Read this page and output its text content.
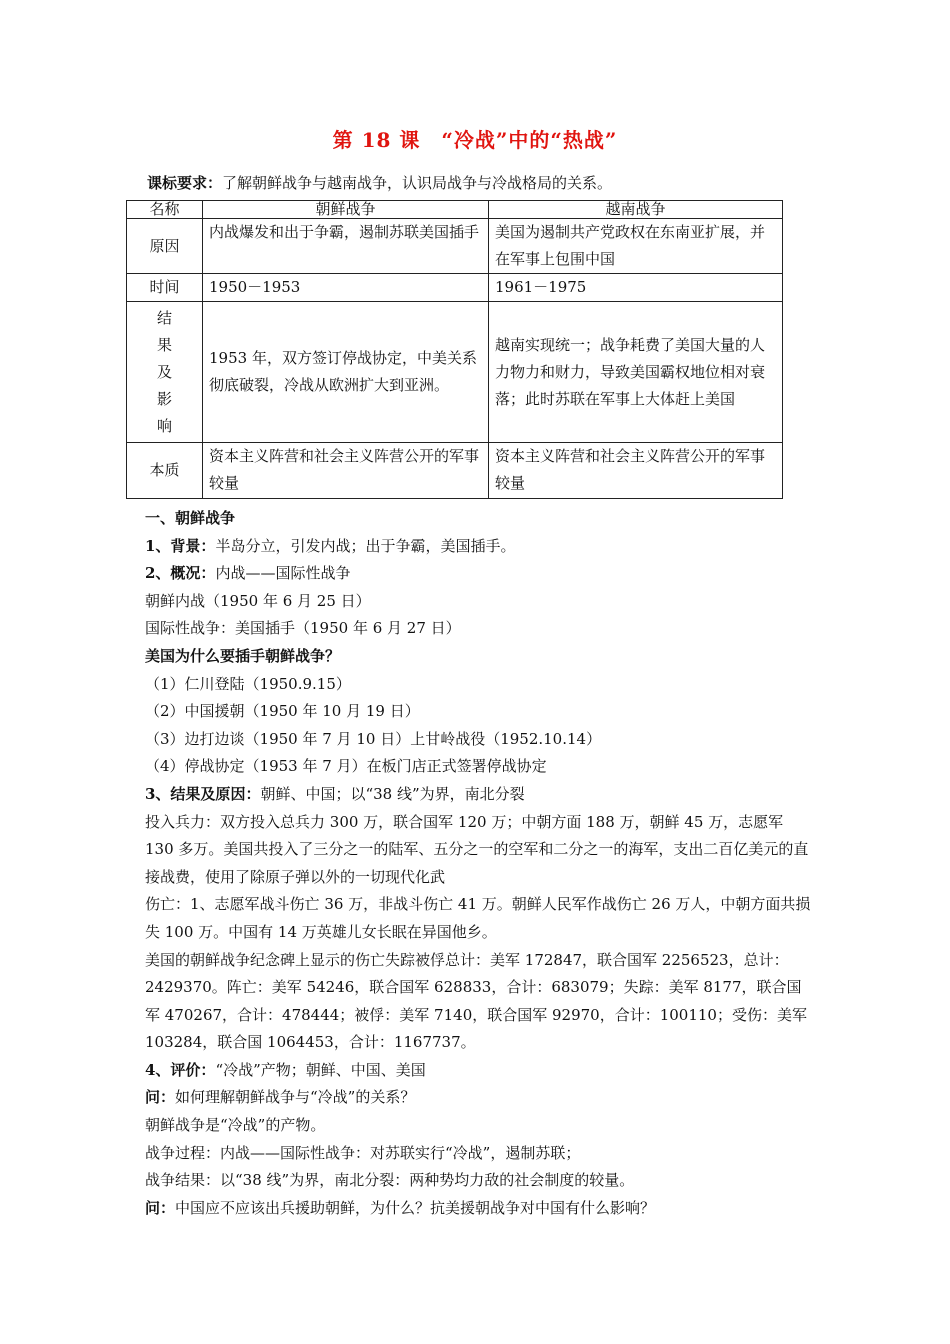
第 18 课　“冷战”中的“热战”
课标要求：了解朝鲜战争与越南战争，认识局战争与冷战格局的关系。
名称	朝鲜战争	越南战争
原因	内战爆发和出于争霸，遏制苏联美国插手	美国为遏制共产党政权在东南亚扩展，并在军事上包围中国
时间	1950－1953	1961－1975

结
果
及
影
响	1953 年，双方签订停战协定，中美关系彻底破裂，冷战从欧洲扩大到亚洲。	越南实现统一；战争耗费了美国大量的人力物力和财力，导致美国霸权地位相对衰落；此时苏联在军事上大体赶上美国
本质	资本主义阵营和社会主义阵营公开的军事较量	资本主义阵营和社会主义阵营公开的军事较量

一、朝鲜战争

1、背景：半岛分立，引发内战；出于争霸，美国插手。

2、概况：内战——国际性战争

朝鲜内战（1950 年 6 月 25 日）

国际性战争：美国插手（1950 年 6 月 27 日）

美国为什么要插手朝鲜战争？

（1）仁川登陆（1950.9.15）

（2）中国援朝（1950 年 10 月 19 日）

（3）边打边谈（1950 年 7 月 10 日）上甘岭战役（1952.10.14）

（4）停战协定（1953 年 7 月）在板门店正式签署停战协定

3、结果及原因：朝鲜、中国；以“38 线”为界，南北分裂

投入兵力：双方投入总兵力 300 万，联合国军 120 万；中朝方面 188 万，朝鲜 45 万，志愿军 130 多万。美国共投入了三分之一的陆军、五分之一的空军和二分之一的海军，支出二百亿美元的直接战费，使用了除原子弹以外的一切现代化武

伤亡：1、志愿军战斗伤亡 36 万，非战斗伤亡 41 万。朝鲜人民军作战伤亡 26 万人，中朝方面共损失 100 万。中国有 14 万英雄儿女长眠在异国他乡。

美国的朝鲜战争纪念碑上显示的伤亡失踪被俘总计：美军 172847，联合国军 2256523，总计：2429370。阵亡：美军 54246，联合国军 628833，合计：683079；失踪：美军 8177，联合国军 470267，合计：478444；被俘：美军 7140，联合国军 92970，合计：100110；受伤：美军 103284，联合国 1064453，合计：1167737。

4、评价：“冷战”产物；朝鲜、中国、美国

问：如何理解朝鲜战争与“冷战”的关系？

朝鲜战争是“冷战”的产物。

战争过程：内战——国际性战争：对苏联实行“冷战”，遏制苏联；

战争结果：以“38 线”为界，南北分裂：两种势均力敌的社会制度的较量。

问：中国应不应该出兵援助朝鲜，为什么？抗美援朝战争对中国有什么影响？
